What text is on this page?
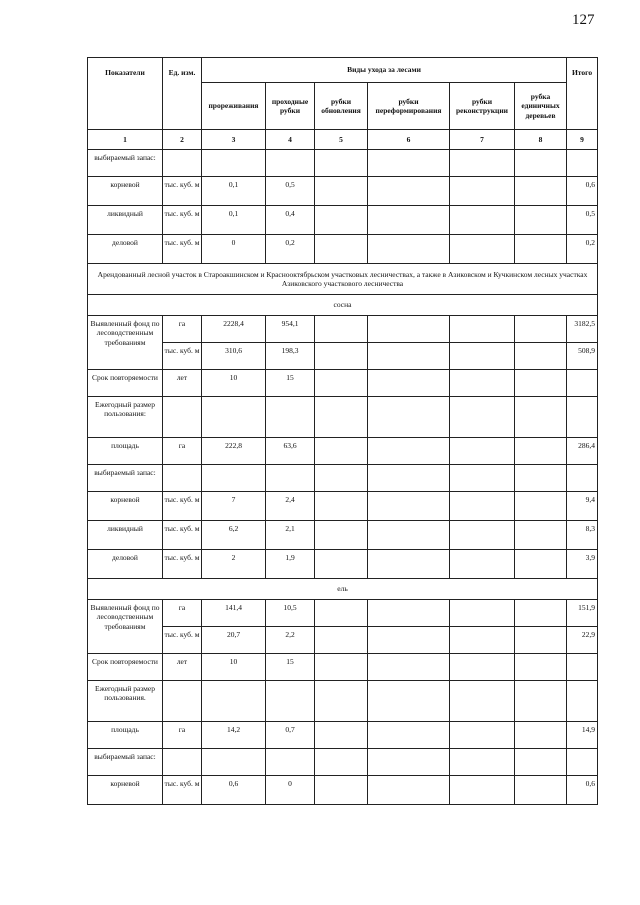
127
Показатели	Ед. изм.	Виды ухода за лесами						Итого
		прореживания	проходные рубки	рубки обновления	рубки переформирования	рубки реконструкции	рубка единичных деревьев	
1	2	3	4	5	6	7	8	9
выбираемый запас:								
корневой	тыс. куб. м	0,1	0,5					0,6
ликвидный	тыс. куб. м	0,1	0,4					0,5
деловой	тыс. куб. м	0	0,2					0,2
Арендованный лесной участок в Староакшинском и Краснооктябрьском участковых лесничествах, а также в Азиковском и Кучкинском лесных участках Азиковского участкового лесничества								
сосна								
Выявленный фонд по лесоводственным требованиям	га	2228,4	954,1					3182,5
	тыс. куб. м	310,6	198,3					508,9
Срок повторяемости	лет	10	15					
Ежегодный размер пользования:								
площадь	га	222,8	63,6					286,4
выбираемый запас:								
корневой	тыс. куб. м	7	2,4					9,4
ликвидный	тыс. куб. м	6,2	2,1					8,3
деловой	тыс. куб. м	2	1,9					3,9
ель								
Выявленный фонд по лесоводственным требованиям	га	141,4	10,5					151,9
	тыс. куб. м	20,7	2,2					22,9
Срок повторяемости	лет	10	15					
Ежегодный размер пользования.								
площадь	га	14,2	0,7					14,9
выбираемый запас:								
корневой	тыс. куб. м	0,6	0					0,6
